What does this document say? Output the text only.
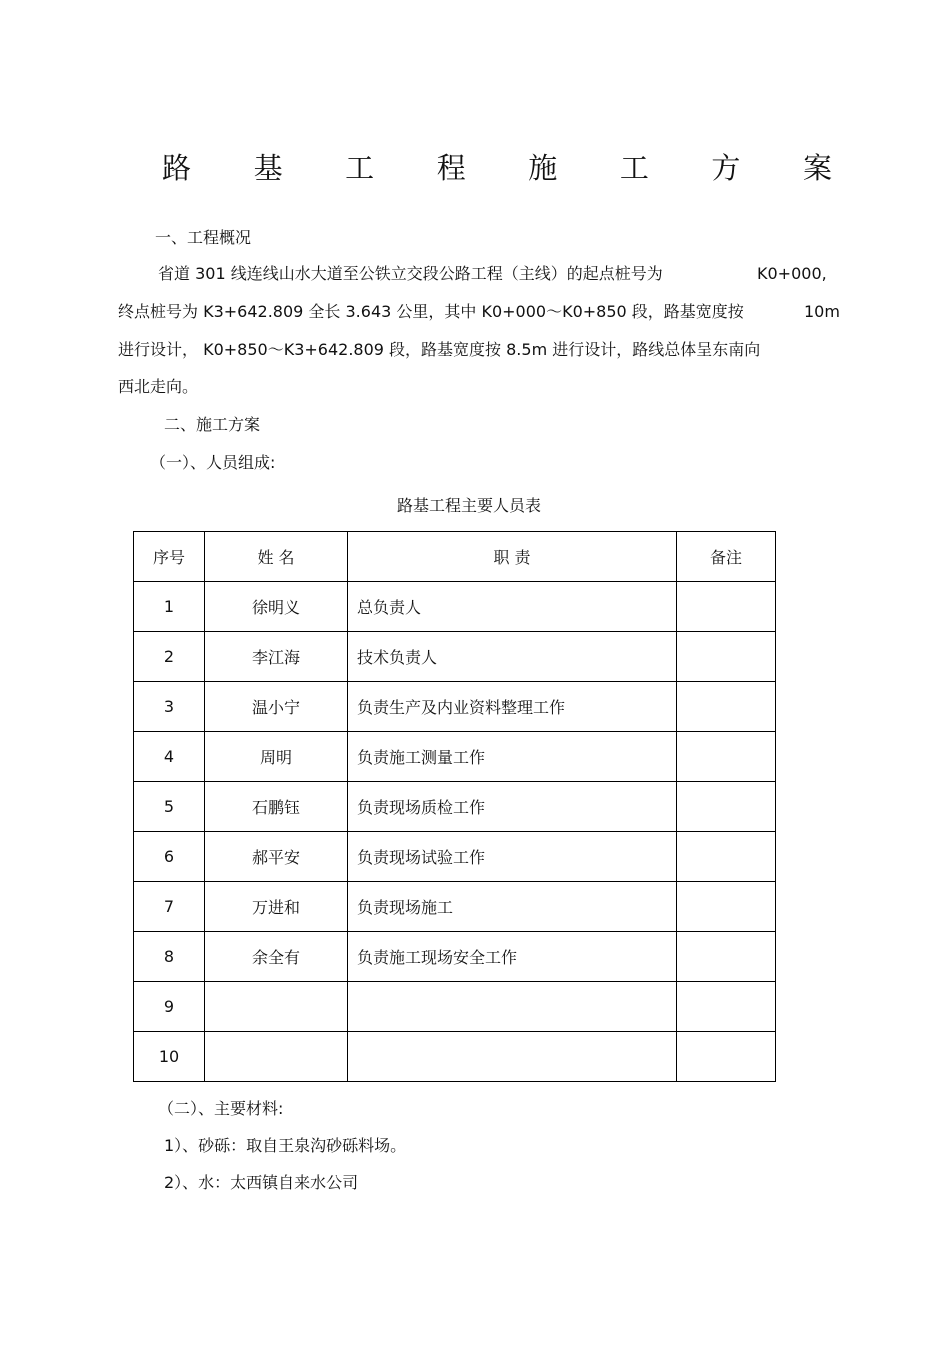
路 基 工 程 施 工 方 案
一、工程概况
省道 301 线连线山水大道至公铁立交段公路工程（主线）的起点桩号为	K0+000,
终点桩号为 K3+642.809 全长 3.643 公里，其中 K0+000～K0+850 段，路基宽度按	10m
进行设计， K0+850～K3+642.809 段，路基宽度按 8.5m 进行设计，路线总体呈东南向
西北走向。
二、施工方案
（一）、人员组成:
路基工程主要人员表
序号	姓 名	职 责	备注
1	徐明义	总负责人	
2	李江海	技术负责人	
3	温小宁	负责生产及内业资料整理工作	
4	周明	负责施工测量工作	
5	石鹏钰	负责现场质检工作	
6	郝平安	负责现场试验工作	
7	万进和	负责现场施工	
8	余全有	负责施工现场安全工作	
9			
10			
（二）、主要材料:
1）、砂砾：取自王泉沟砂砾料场。
2）、水：太西镇自来水公司
